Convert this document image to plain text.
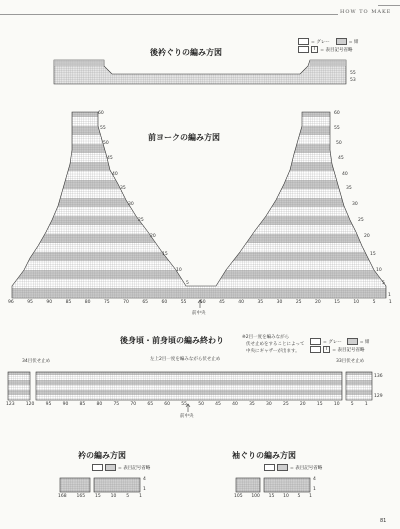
HOW TO MAKE
後衿ぐりの編み方図
= グレー	= 紺
l	= 表目記号省略
55
53
前ヨークの編み方図
60
55
50
45
40
35
30
25
20
15
10
5
60
55
50
45
40
35
30
25
20
15
10
5
1
96	95	90	85	80	75	70	65	60	55	50	45	40	35	30	25	20	15	10	5	1
前中央
後身頃・前身頃の編み終わり	※2目一度を編みながら
伏せ止めをすることによって
中央にギャザーが出ます。
= グレー	= 紺
l	= 表目記号省略
34目伏せ止め	左上2目一度を編みながら伏せ止め	33目伏せ止め
136
129
123 120 95 90 85 80 75 70 65 60 55 50 45 40 35 30 25 20 15 10 5 1
前中央
衿の編み方図
= 表目記号省略
4
1
168 165 15 10 5 1
袖ぐりの編み方図
= 表目記号省略
4
1
105 100 15 10 5 1
81
